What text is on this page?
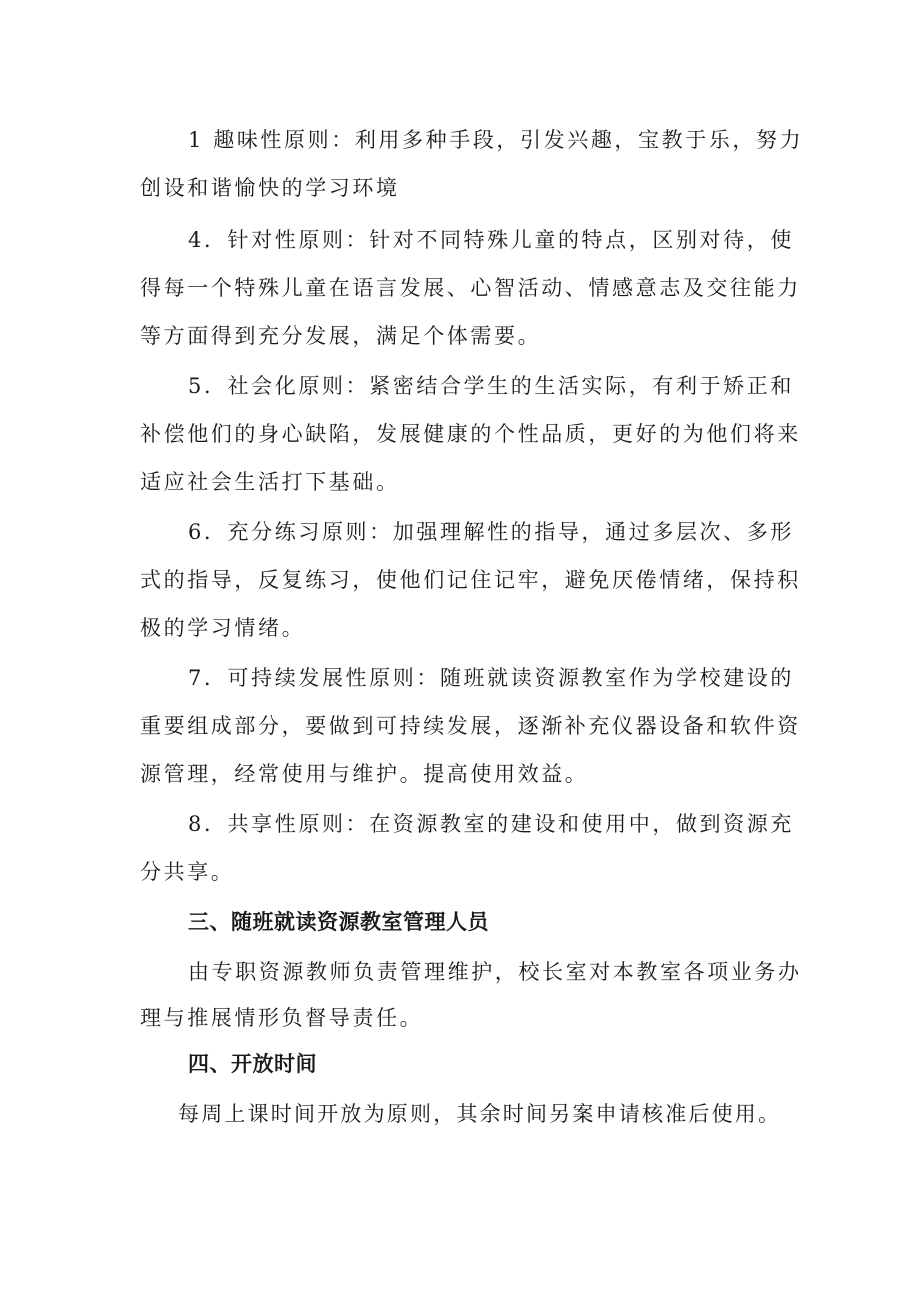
1 趣味性原则：利用多种手段，引发兴趣，宝教于乐，努力
创设和谐愉快的学习环境
4．针对性原则：针对不同特殊儿童的特点，区别对待，使
得每一个特殊儿童在语言发展、心智活动、情感意志及交往能力
等方面得到充分发展，满足个体需要。
5．社会化原则：紧密结合学生的生活实际，有利于矫正和
补偿他们的身心缺陷，发展健康的个性品质，更好的为他们将来
适应社会生活打下基础。
6．充分练习原则：加强理解性的指导，通过多层次、多形
式的指导，反复练习，使他们记住记牢，避免厌倦情绪，保持积
极的学习情绪。
7．可持续发展性原则：随班就读资源教室作为学校建设的
重要组成部分，要做到可持续发展，逐渐补充仪器设备和软件资
源管理，经常使用与维护。提高使用效益。
8．共享性原则：在资源教室的建设和使用中，做到资源充
分共享。
三、随班就读资源教室管理人员
由专职资源教师负责管理维护，校长室对本教室各项业务办
理与推展情形负督导责任。
四、开放时间
每周上课时间开放为原则，其余时间另案申请核准后使用。
